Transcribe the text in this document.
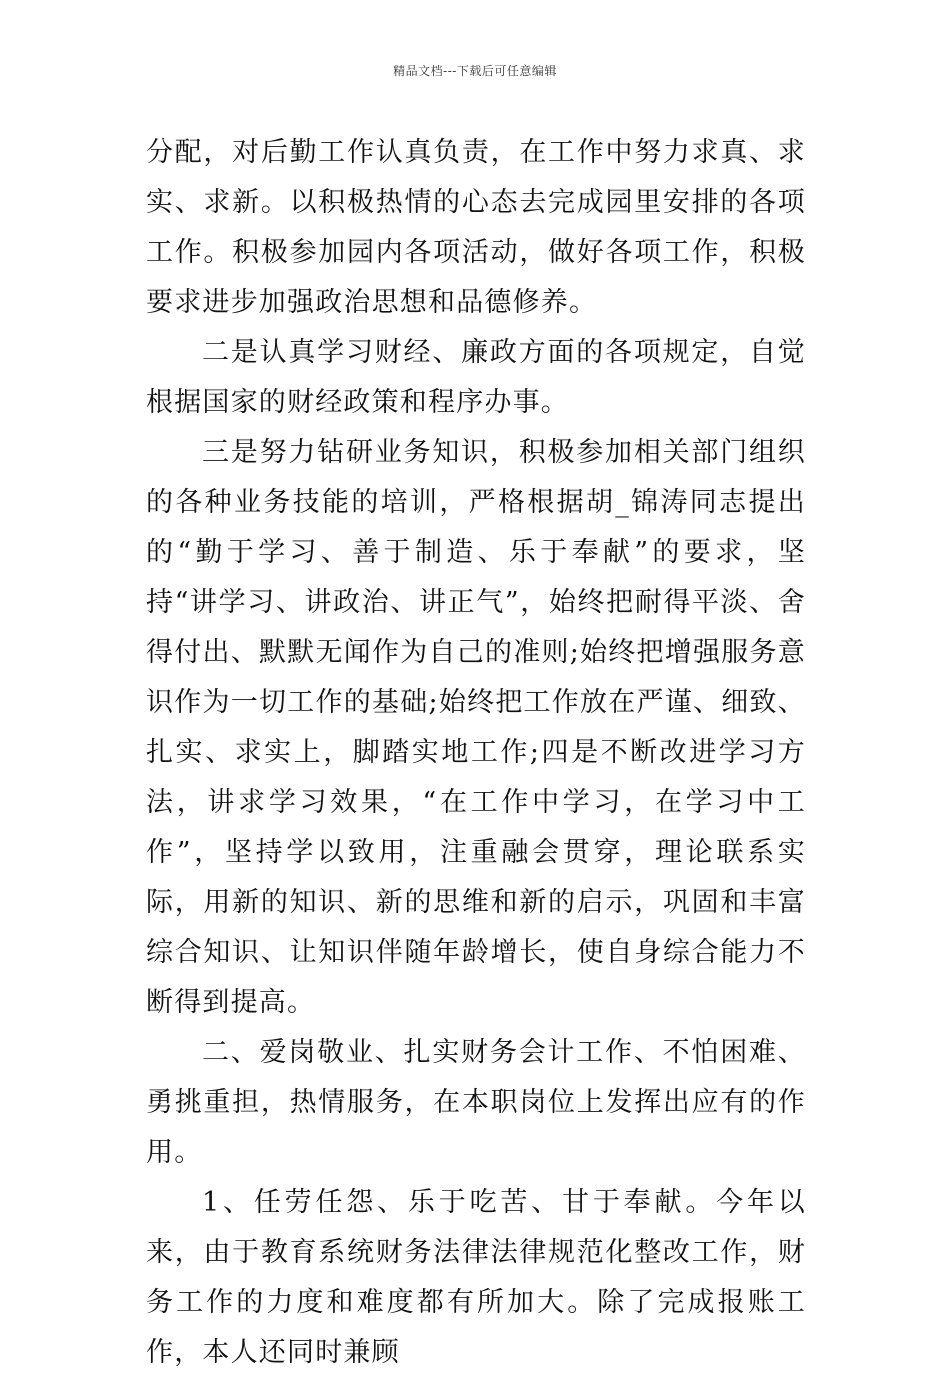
精品文档---下载后可任意编辑

分配，对后勤工作认真负责，在工作中努力求真、求实、求新。以积极热情的心态去完成园里安排的各项工作。积极参加园内各项活动，做好各项工作，积极要求进步加强政治思想和品德修养。

二是认真学习财经、廉政方面的各项规定，自觉根据国家的财经政策和程序办事。

三是努力钻研业务知识，积极参加相关部门组织的各种业务技能的培训，严格根据胡_锦涛同志提出的“勤于学习、善于制造、乐于奉献”的要求，坚持“讲学习、讲政治、讲正气”，始终把耐得平淡、舍得付出、默默无闻作为自己的准则;始终把增强服务意识作为一切工作的基础;始终把工作放在严谨、细致、扎实、求实上，脚踏实地工作;四是不断改进学习方法，讲求学习效果，“在工作中学习，在学习中工作”，坚持学以致用，注重融会贯穿，理论联系实际，用新的知识、新的思维和新的启示，巩固和丰富综合知识、让知识伴随年龄增长，使自身综合能力不断得到提高。

二、爱岗敬业、扎实财务会计工作、不怕困难、勇挑重担，热情服务，在本职岗位上发挥出应有的作用。

1、任劳任怨、乐于吃苦、甘于奉献。今年以来，由于教育系统财务法律法律规范化整改工作，财务工作的力度和难度都有所加大。除了完成报账工作，本人还同时兼顾
